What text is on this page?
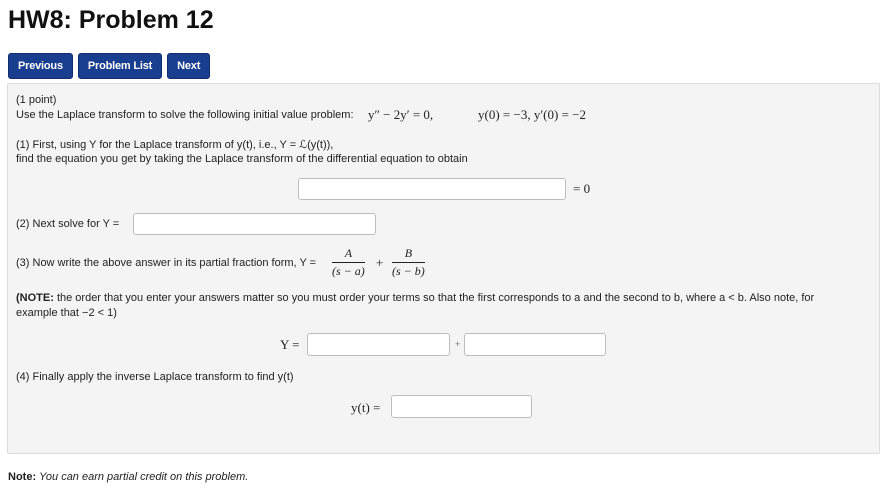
HW8: Problem 12
Previous	Problem List	Next
(1 point)
Use the Laplace transform to solve the following initial value problem: y″ − 2y′ = 0,	y(0) = −3, y′(0) = −2
(1) First, using Y for the Laplace transform of y(t), i.e., Y = ℒ(y(t)),
find the equation you get by taking the Laplace transform of the differential equation to obtain
= 0
(2) Next solve for Y =
(3) Now write the above answer in its partial fraction form, $Y = \frac{A}{(s - a)} + \frac{B}{(s - b)}$
(NOTE: the order that you enter your answers matter so you must order your terms so that the first corresponds to a and the second to b, where a < b. Also note, for
example that −2 < 1)
Y =	+
(4) Finally apply the inverse Laplace transform to find y(t)
y(t) =
Note: You can earn partial credit on this problem.
